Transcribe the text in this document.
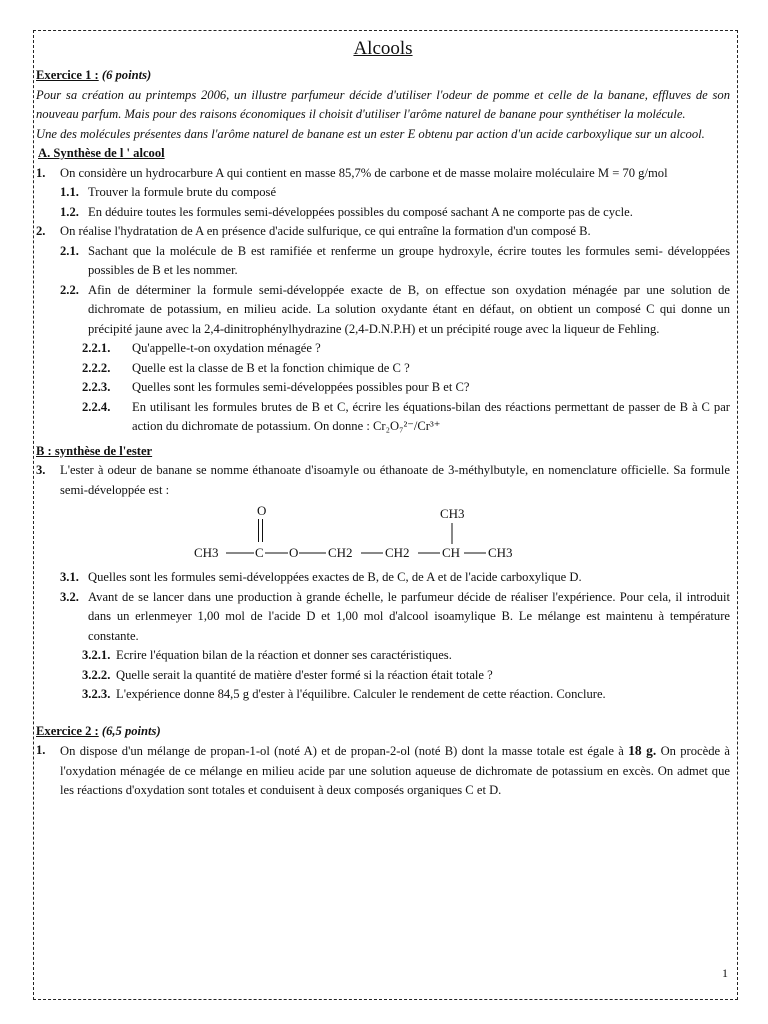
Alcools
Exercice 1 : (6 points)
Pour sa création au printemps 2006, un illustre parfumeur décide d'utiliser l'odeur de pomme et celle de la banane, effluves de son nouveau parfum. Mais pour des raisons économiques il choisit d'utiliser l'arôme naturel de banane pour synthétiser la molécule.
Une des molécules présentes dans l'arôme naturel de banane est un ester E obtenu par action d'un acide carboxylique sur un alcool.
A. Synthèse de l ' alcool
1. On considère un hydrocarbure A qui contient en masse 85,7% de carbone et de masse molaire moléculaire M = 70 g/mol
1.1. Trouver la formule brute du composé
1.2. En déduire toutes les formules semi-développées possibles du composé sachant A ne comporte pas de cycle.
2. On réalise l'hydratation de A en présence d'acide sulfurique, ce qui entraîne la formation d'un composé B.
2.1. Sachant que la molécule de B est ramifiée et renferme un groupe hydroxyle, écrire toutes les formules semi- développées possibles de B et les nommer.
2.2. Afin de déterminer la formule semi-développée exacte de B, on effectue son oxydation ménagée par une solution de dichromate de potassium, en milieu acide. La solution oxydante étant en défaut, on obtient un composé C qui donne un précipité jaune avec la 2,4-dinitrophénylhydrazine (2,4-D.N.P.H) et un précipité rouge avec la liqueur de Fehling.
2.2.1. Qu'appelle-t-on oxydation ménagée ?
2.2.2. Quelle est la classe de B et la fonction chimique de C ?
2.2.3. Quelles sont les formules semi-développées possibles pour B et C?
2.2.4. En utilisant les formules brutes de B et C, écrire les équations-bilan des réactions permettant de passer de B à C par action du dichromate de potassium. On donne : Cr₂O₇²⁻/Cr³⁺
B : synthèse de l'ester
3. L'ester à odeur de banane se nomme éthanoate d'isoamyle ou éthanoate de 3-méthylbutyle, en nomenclature officielle. Sa formule semi-développée est :
O	CH3
CH3	C O CH2 CH2 CH CH3
3.1. Quelles sont les formules semi-développées exactes de B, de C, de A et de l'acide carboxylique D.
3.2. Avant de se lancer dans une production à grande échelle, le parfumeur décide de réaliser l'expérience. Pour cela, il introduit dans un erlenmeyer 1,00 mol de l'acide D et 1,00 mol d'alcool isoamylique B. Le mélange est maintenu à température constante.
3.2.1. Ecrire l'équation bilan de la réaction et donner ses caractéristiques.
3.2.2. Quelle serait la quantité de matière d'ester formé si la réaction était totale ?
3.2.3. L'expérience donne 84,5 g d'ester à l'équilibre. Calculer le rendement de cette réaction. Conclure.
Exercice 2 : (6,5 points)
1. On dispose d'un mélange de propan-1-ol (noté A) et de propan-2-ol (noté B) dont la masse totale est égale à 18 g. On procède à l'oxydation ménagée de ce mélange en milieu acide par une solution aqueuse de dichromate de potassium en excès. On admet que les réactions d'oxydation sont totales et conduisent à deux composés organiques C et D.
1
